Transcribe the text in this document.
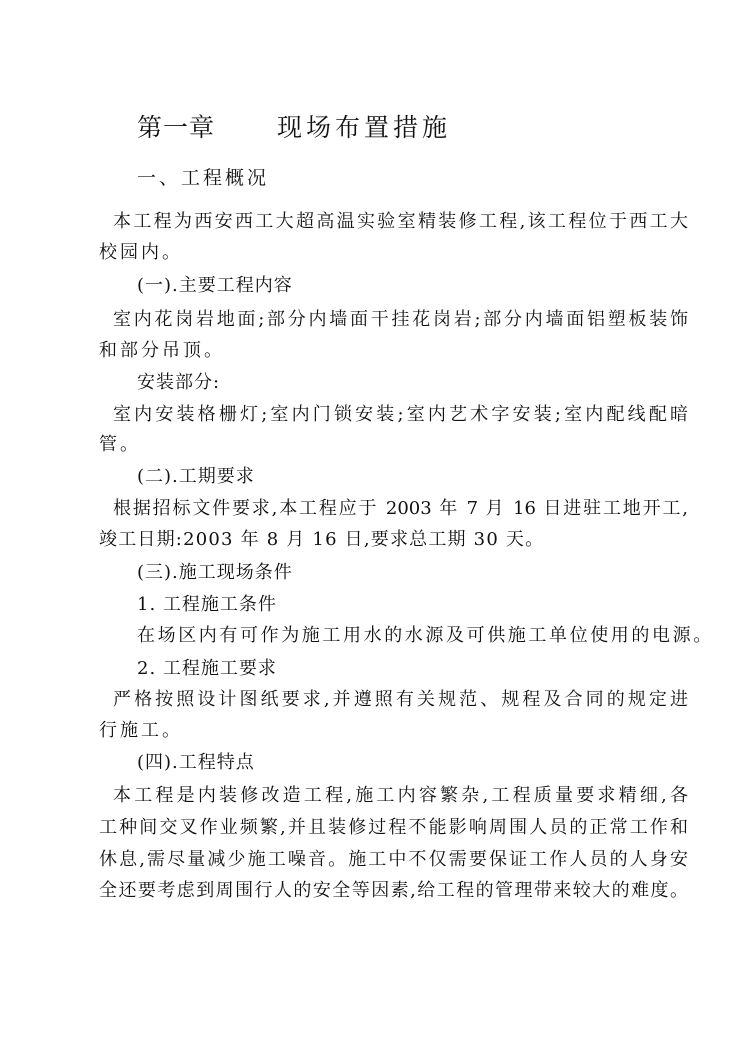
第一章 现场布置措施
一、工程概况
本工程为西安西工大超高温实验室精装修工程,该工程位于西工大
校园内。
(一).主要工程内容
室内花岗岩地面;部分内墙面干挂花岗岩;部分内墙面铝塑板装饰
和部分吊顶。
安装部分:
室内安装格栅灯;室内门锁安装;室内艺术字安装;室内配线配暗
管。
(二).工期要求
根据招标文件要求,本工程应于 2003 年 7 月 16 日进驻工地开工,
竣工日期:2003 年 8 月 16 日,要求总工期 30 天。
(三).施工现场条件
1. 工程施工条件
在场区内有可作为施工用水的水源及可供施工单位使用的电源。
2. 工程施工要求
严格按照设计图纸要求,并遵照有关规范、规程及合同的规定进
行施工。
(四).工程特点
本工程是内装修改造工程,施工内容繁杂,工程质量要求精细,各
工种间交叉作业频繁,并且装修过程不能影响周围人员的正常工作和
休息,需尽量减少施工噪音。施工中不仅需要保证工作人员的人身安
全还要考虑到周围行人的安全等因素,给工程的管理带来较大的难度。
